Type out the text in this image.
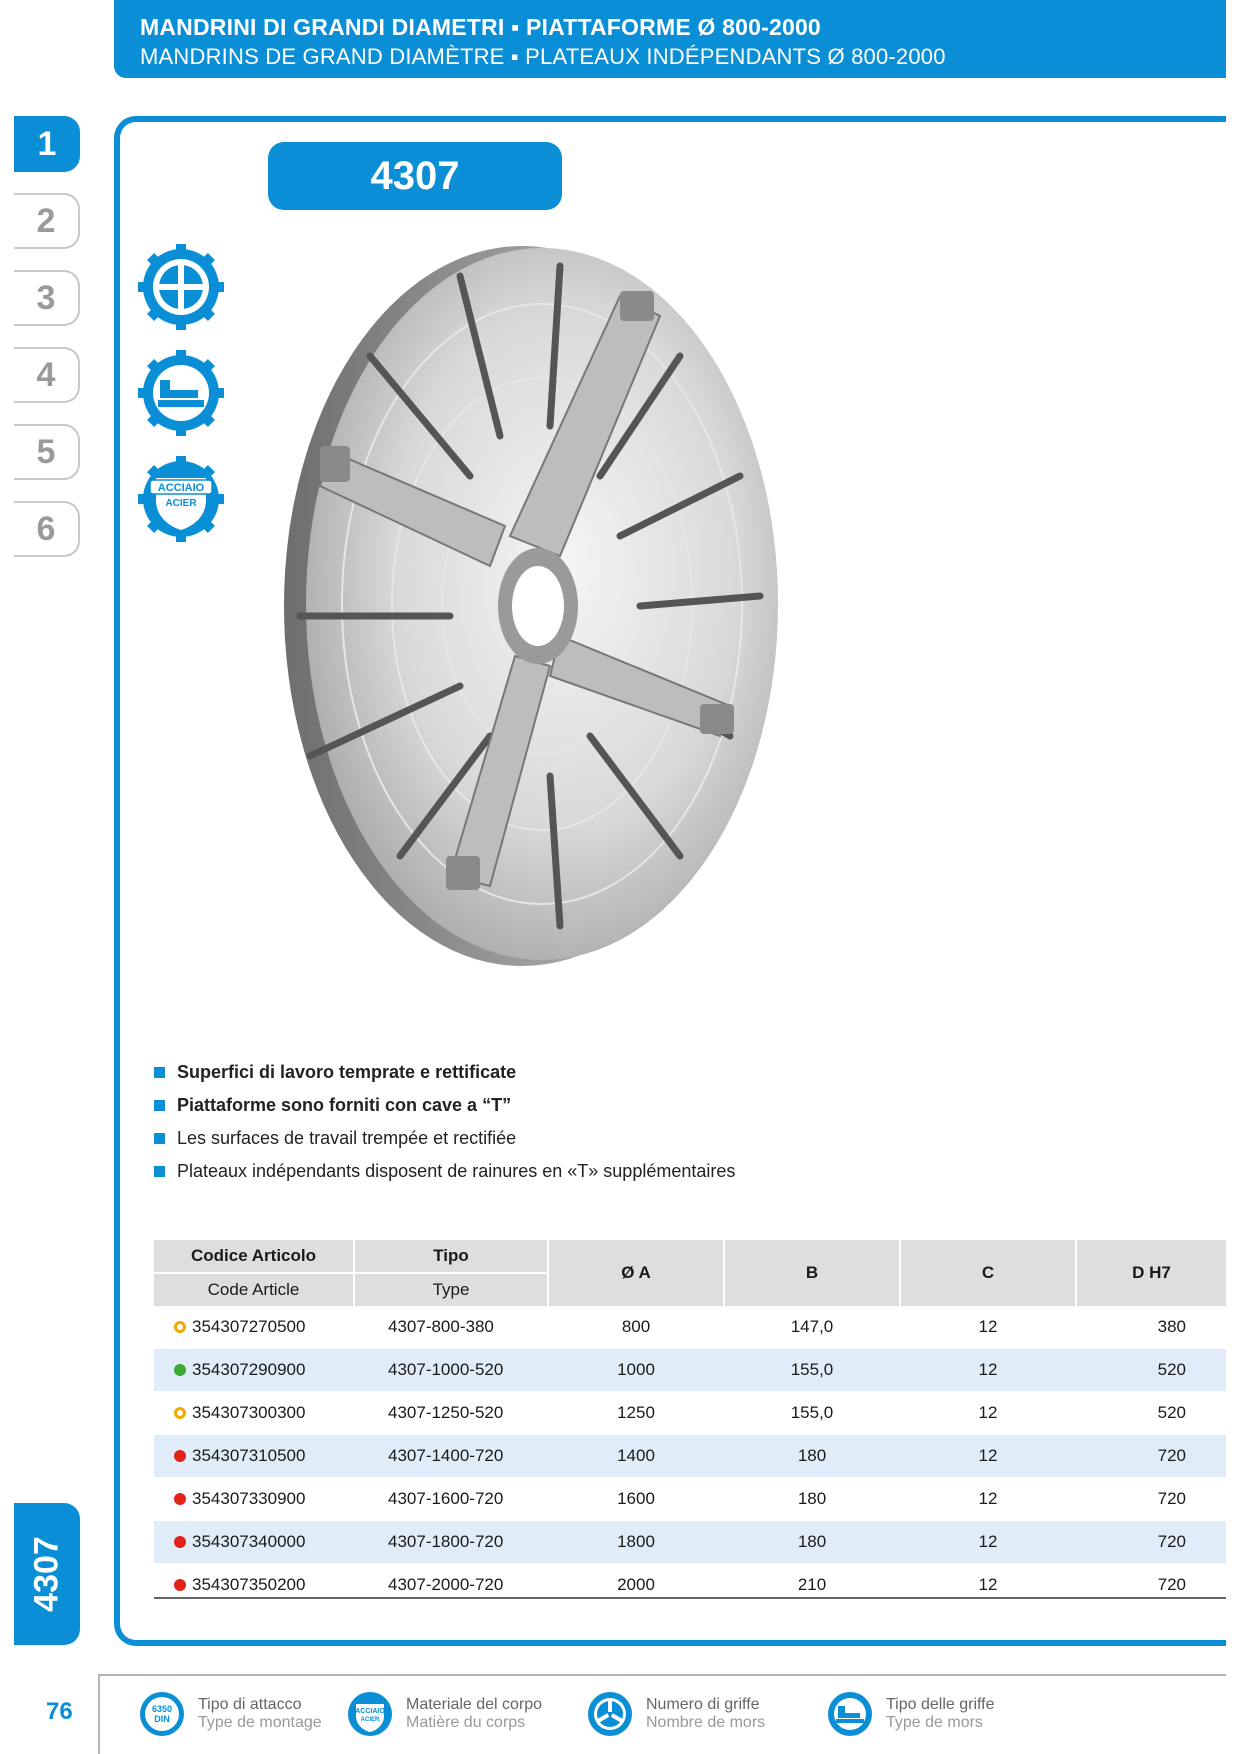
MANDRINI DI GRANDI DIAMETRI ▪ PIATTAFORME Ø 800-2000
MANDRINS DE GRAND DIAMÈTRE ▪ PLATEAUX INDÉPENDANTS Ø 800-2000
1
2
3
4
5
6
4307
4307
ACCIAIO
ACIER
Superfici di lavoro temprate e rettificate
Piattaforme sono forniti con cave a “T”
Les surfaces de travail trempée et rectifiée
Plateaux indépendants disposent de rainures en «T» supplémentaires
Codice Articolo	Tipo	Ø A	B	C	D H7
Code Article	Type				

354307270500	4307-800-380	800	147,0	12	380

354307290900	4307-1000-520	1000	155,0	12	520

354307300300	4307-1250-520	1250	155,0	12	520

354307310500	4307-1400-720	1400	180	12	720

354307330900	4307-1600-720	1600	180	12	720

354307340000	4307-1800-720	1800	180	12	720

354307350200	4307-2000-720	2000	210	12	720
76	6350
DIN
Tipo di attacco
Type de montage
ACCIAIO
ACIER
Materiale del corpo
Matière du corps
Numero di griffe
Nombre de mors
Tipo delle griffe
Type de mors
